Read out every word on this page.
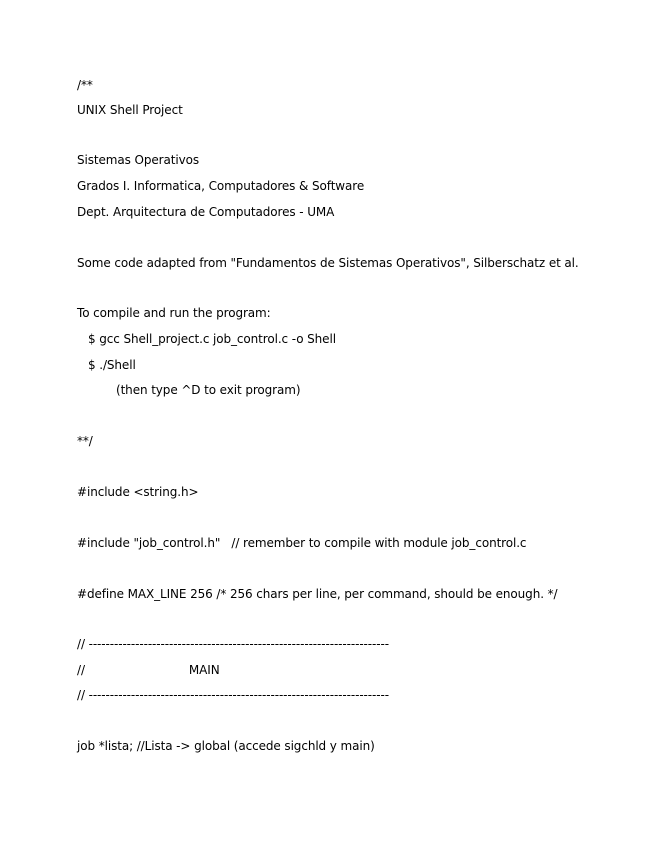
/**
UNIX Shell Project
Sistemas Operativos
Grados I. Informatica, Computadores & Software
Dept. Arquitectura de Computadores - UMA
Some code adapted from "Fundamentos de Sistemas Operativos", Silberschatz et al.
To compile and run the program:
$ gcc Shell_project.c job_control.c -o Shell
$ ./Shell
(then type ^D to exit program)
**/
#include <string.h>
#include "job_control.h"   // remember to compile with module job_control.c
#define MAX_LINE 256 /* 256 chars per line, per command, should be enough. */
// -----------------------------------------------------------------------
//                            MAIN
// -----------------------------------------------------------------------
job *lista; //Lista -> global (accede sigchld y main)
